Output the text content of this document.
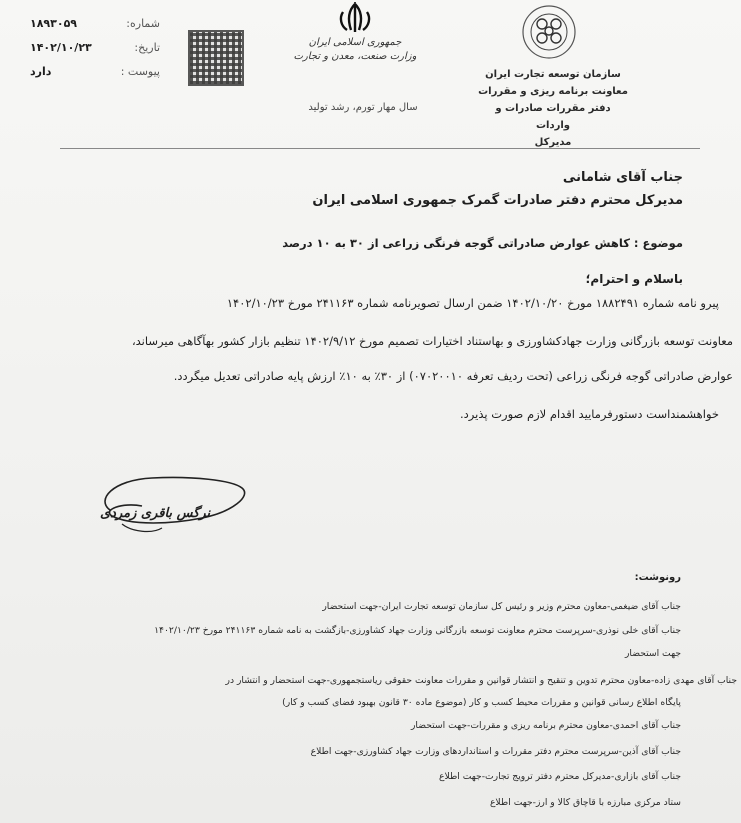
شماره:
۱۸۹۳۰۵۹
تاریخ:
۱۴۰۲/۱۰/۲۳
پیوست :
دارد
جمهوری اسلامی ایران
وزارت صنعت، معدن و تجارت
سال مهار تورم، رشد تولید
سازمان توسعه تجارت ایران
معاونت برنامه ریزی و مقررات
دفتر مقررات صادرات و واردات
مدیرکل
جناب آقای شامانی
مدیرکل محترم دفتر صادرات گمرک جمهوری اسلامی ایران
موضوع : کاهش عوارض صادراتی گوجه فرنگی زراعی از ۳۰ به ۱۰ درصد
باسلام و احترام؛
پیرو نامه شماره ۱۸۸۲۴۹۱ مورخ ۱۴۰۲/۱۰/۲۰ ضمن ارسال تصویرنامه شماره ۲۴۱۱۶۳ مورخ ۱۴۰۲/۱۰/۲۳
معاونت توسعه بازرگانی وزارت جهادکشاورزی و بهاستناد اختیارات تصمیم مورخ ۱۴۰۲/۹/۱۲ تنظیم بازار کشور بهآگاهی میرساند،
عوارض صادراتی گوجه فرنگی زراعی (تحت ردیف تعرفه ۰۷۰۲۰۰۱۰) از ۳۰٪ به ۱۰٪ ارزش پایه صادراتی تعدیل میگردد.
خواهشمنداست دستورفرمایید اقدام لازم صورت پذیرد.
نرگس باقری زمردی
رونوشت:
جناب آقای ضیغمی-معاون محترم وزیر و رئیس کل سازمان توسعه تجارت ایران-جهت استحضار
جناب آقای خلی نوذری-سرپرست محترم معاونت توسعه بازرگانی وزارت جهاد کشاورزی-بازگشت به نامه شماره ۲۴۱۱۶۳ مورخ ۱۴۰۲/۱۰/۲۳
جهت استحضار
جناب آقای مهدی زاده-معاون محترم تدوین و تنقیح و انتشار قوانین و مقررات معاونت حقوقی ریاستجمهوری-جهت استحضار و انتشار در
پایگاه اطلاع رسانی قوانین و مقررات محیط کسب و کار (موضوع ماده ۳۰ قانون بهبود فضای کسب و کار)
جناب آقای احمدی-معاون محترم برنامه ریزی و مقررات-جهت استحضار
جناب آقای آذین-سرپرست محترم دفتر مقررات و استانداردهای وزارت جهاد کشاورزی-جهت اطلاع
جناب آقای بازاری-مدیرکل محترم دفتر ترویج تجارت-جهت اطلاع
ستاد مرکزی مبارزه با قاچاق کالا و ارز-جهت اطلاع
